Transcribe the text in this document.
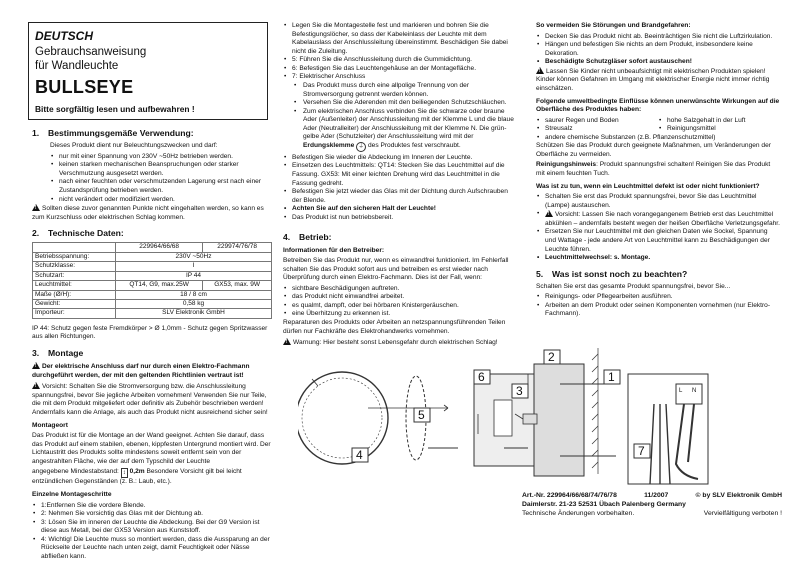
DEUTSCH

Gebrauchsanweisung

für Wandleuchte

BULLSEYE

Bitte sorgfältig lesen und aufbewahren !

1. Bestimmungsgemäße Verwendung:

Dieses Produkt dient nur Beleuchtungszwecken und darf:

• nur mit einer Spannung von 230V ~50Hz betrieben werden.

• keinen starken mechanischen Beanspruchungen oder starker Verschmutzung ausgesetzt werden.

• nach einer feuchten oder verschmutzenden Lagerung erst nach einer Zustandsprüfung betrieben werden.

• nicht verändert oder modifiziert werden.

!Sollten diese zuvor genannten Punkte nicht eingehalten werden, so kann es zum Kurzschluss oder elektrischen Schlag kommen.

2. Technische Daten:
	229964/66/68	229974/76/78
Betriebsspannung:	230V ~50Hz	
Schutzklasse:	I	
Schutzart:	IP 44	
Leuchtmittel:	QT14, G9, max.25W	GX53, max. 9W
Maße (Ø/H):	18 / 8 cm	
Gewicht:	0,58 kg	
Importeur:	SLV Elektronik GmbH	

IP 44: Schutz gegen feste Fremdkörper > Ø 1,0mm - Schutz gegen Spritzwasser aus allen Richtungen.

3. Montage

!Der elektrische Anschluss darf nur durch einen Elektro-Fachmann durchgeführt werden, der mit den geltenden Richtlinien vertraut ist!

!Vorsicht: Schalten Sie die Stromversorgung bzw. die Anschlussleitung spannungsfrei, bevor Sie jegliche Arbeiten vornehmen! Verwenden Sie nur Teile, die mit dem Produkt mitgeliefert oder definitiv als Zubehör beschrieben werden! Andernfalls kann die Anlage, als auch das Produkt nicht ausreichend sicher sein!

Montageort

Das Produkt ist für die Montage an der Wand geeignet. Achten Sie darauf, dass das Produkt auf einem stabilen, ebenen, kippfesten Untergrund montiert wird. Der Lichtaustritt des Produkts sollte mindestens soweit entfernt sein von der angestrahlten Fläche, wie der auf dem Typschild der Leuchte

angegebene Mindestabstand: ↕ 0,2m Besondere Vorsicht gilt bei leicht entzündlichen Gegenständen (z. B.: Laub, etc.).

Einzelne Montageschritte

• 1:Entfernen Sie die vordere Blende.

• 2: Nehmen Sie vorsichtig das Glas mit der Dichtung ab.

• 3: Lösen Sie im inneren der Leuchte die Abdeckung. Bei der G9 Version ist diese aus Metall, bei der GX53 Version aus Kunststoff.

• 4: Wichtig! Die Leuchte muss so montiert werden, dass die Aussparung an der Rückseite der Leuchte nach unten zeigt, damit Feuchtigkeit oder Nässe abfließen kann.

• Legen Sie die Montagestelle fest und markieren und bohren Sie die Befestigungslöcher, so dass der Kabeleinlass der Leuchte mit dem Kabelauslass der Anschlussleitung übereinstimmt. Beschädigen Sie dabei nicht die Zuleitung.

• 5: Führen Sie die Anschlussleitung durch die Gummidichtung.

• 6: Befestigen Sie das Leuchtengehäuse an der Montagefläche.

• 7: Elektrischer Anschluss

• Das Produkt muss durch eine allpolige Trennung von der Stromversorgung getrennt werden können.

• Versehen Sie die Aderenden mit den beiliegenden Schutzschläuchen.

• Zum elektrischen Anschluss verbinden Sie die schwarze oder braune Ader (Außenleiter) der Anschlussleitung mit der Klemme L und die blaue Ader (Neutralleiter) der Anschlussleitung mit der Klemme N. Die grün-gelbe Ader (Schutzleiter) der Anschlussleitung wird mit der

Erdungsklemme ⏚ des Produktes fest verschraubt.

• Befestigen Sie wieder die Abdeckung im Inneren der Leuchte.

• Einsetzen des Leuchtmittels: QT14: Stecken Sie das Leuchtmittel auf die Fassung. GX53: Mit einer leichten Drehung wird das Leuchtmittel in die Fassung gedreht.

• Befestigen Sie jetzt wieder das Glas mit der Dichtung durch Aufschrauben der Blende.

• Achten Sie auf den sicheren Halt der Leuchte!

• Das Produkt ist nun betriebsbereit.

4. Betrieb:

Informationen für den Betreiber:

Betreiben Sie das Produkt nur, wenn es einwandfrei funktioniert. Im Fehlerfall schalten Sie das Produkt sofort aus und betreiben es erst wieder nach Überprüfung durch einen Elektro-Fachmann. Dies ist der Fall, wenn:

• sichtbare Beschädigungen auftreten.

• das Produkt nicht einwandfrei arbeitet.

• es qualmt, dampft, oder bei hörbaren Knistergeräuschen.

• eine Überhitzung zu erkennen ist.

Reparaturen des Produkts oder Arbeiten an netzspannungsführenden Teilen dürfen nur Fachkräfte des Elektrohandwerks vornehmen.

!Warnung: Hier besteht sonst Lebensgefahr durch elektrischen Schlag!

So vermeiden Sie Störungen und Brandgefahren:

• Decken Sie das Produkt nicht ab. Beeinträchtigen Sie nicht die Luftzirkulation.

• Hängen und befestigen Sie nichts an dem Produkt, insbesondere keine Dekoration.

• Beschädigte Schutzgläser sofort austauschen!

!Lassen Sie Kinder nicht unbeaufsichtigt mit elektrischen Produkten spielen! Kinder können Gefahren im Umgang mit elektrischer Energie nicht immer richtig einschätzen.

Folgende umweltbedingte Einflüsse können unerwünschte Wirkungen auf die Oberfläche des Produktes haben:

• saurer Regen und Boden

• Streusalz

• hohe Salzgehalt in der Luft

• Reinigungsmittel

• andere chemische Substanzen (z.B. Pflanzenschutzmittel)

Schützen Sie das Produkt durch geeignete Maßnahmen, um Veränderungen der Oberfläche zu vermeiden.

Reinigungshinweis: Produkt spannungsfrei schalten! Reinigen Sie das Produkt mit einem feuchten Tuch.

Was ist zu tun, wenn ein Leuchtmittel defekt ist oder nicht funktioniert?

• Schalten Sie erst das Produkt spannungsfrei, bevor Sie das Leuchtmittel (Lampe) austauschen.

!• Vorsicht: Lassen Sie nach vorangegangenem Betrieb erst das Leuchtmittel abkühlen – andernfalls besteht wegen der heißen Oberfläche Verletzungsgefahr.

• Ersetzen Sie nur Leuchtmittel mit den gleichen Daten wie Sockel, Spannung und Wattage - jede andere Art von Leuchtmittel kann zu Beschädigungen der Leuchte führen.

• Leuchtmittelwechsel: s. Montage.

5. Was ist sonst noch zu beachten?

Schalten Sie erst das gesamte Produkt spannungsfrei, bevor Sie...

• Reinigungs- oder Pflegearbeiten ausführen.

• Arbeiten an dem Produkt oder seinen Komponenten vornehmen (nur Elektro-Fachmann).

1
2
3
4
5
6
7
L N
Art.-Nr. 229964/66/68/74/76/78	11/2007	© by SLV Elektronik GmbH
Daimlerstr. 21-23 52531 Übach Palenberg Germany
Technische Änderungen vorbehalten.	Vervielfältigung verboten !
